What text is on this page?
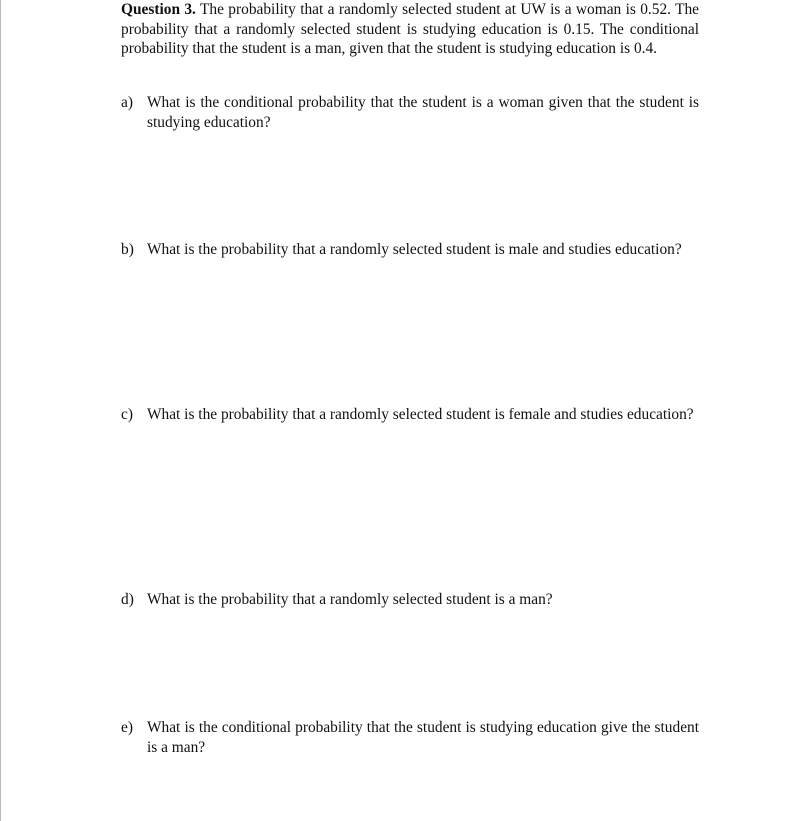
Question 3. The probability that a randomly selected student at UW is a woman is 0.52. The probability that a randomly selected student is studying education is 0.15. The conditional probability that the student is a man, given that the student is studying education is 0.4.

a) What is the conditional probability that the student is a woman given that the student is studying education?
b) What is the probability that a randomly selected student is male and studies education?
c) What is the probability that a randomly selected student is female and studies education?
d) What is the probability that a randomly selected student is a man?
e) What is the conditional probability that the student is studying education give the student is a man?
